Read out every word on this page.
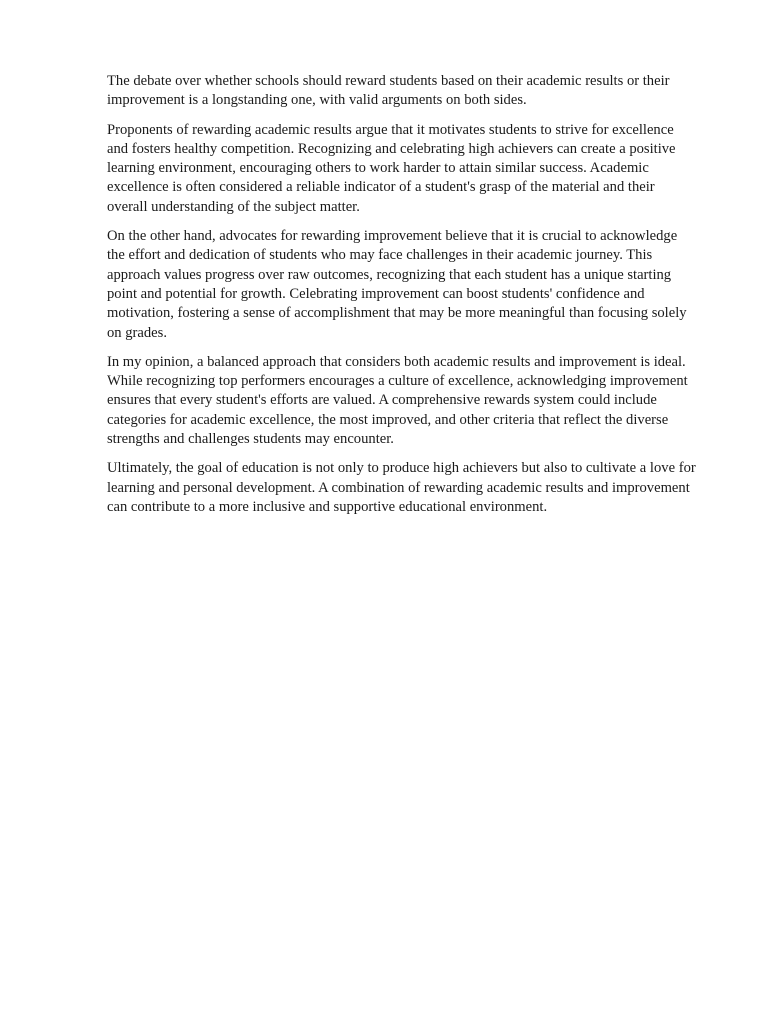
The debate over whether schools should reward students based on their academic results or their improvement is a longstanding one, with valid arguments on both sides.

Proponents of rewarding academic results argue that it motivates students to strive for excellence and fosters healthy competition. Recognizing and celebrating high achievers can create a positive learning environment, encouraging others to work harder to attain similar success. Academic excellence is often considered a reliable indicator of a student's grasp of the material and their overall understanding of the subject matter.

On the other hand, advocates for rewarding improvement believe that it is crucial to acknowledge the effort and dedication of students who may face challenges in their academic journey. This approach values progress over raw outcomes, recognizing that each student has a unique starting point and potential for growth. Celebrating improvement can boost students' confidence and motivation, fostering a sense of accomplishment that may be more meaningful than focusing solely on grades.

In my opinion, a balanced approach that considers both academic results and improvement is ideal. While recognizing top performers encourages a culture of excellence, acknowledging improvement ensures that every student's efforts are valued. A comprehensive rewards system could include categories for academic excellence, the most improved, and other criteria that reflect the diverse strengths and challenges students may encounter.

Ultimately, the goal of education is not only to produce high achievers but also to cultivate a love for learning and personal development. A combination of rewarding academic results and improvement can contribute to a more inclusive and supportive educational environment.
